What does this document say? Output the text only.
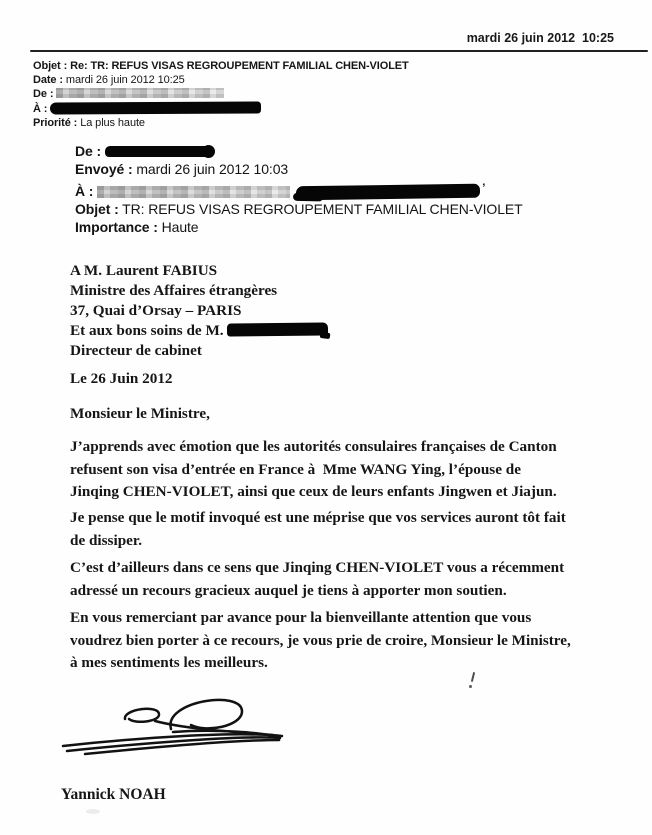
mardi 26 juin 2012  10:25
Objet : Re: TR: REFUS VISAS REGROUPEMENT FAMILIAL CHEN-VIOLET
Date : mardi 26 juin 2012 10:25
De :
À :
Priorité : La plus haute
De :
Envoyé : mardi 26 juin 2012 10:03
À :	’
Objet : TR: REFUS VISAS REGROUPEMENT FAMILIAL CHEN-VIOLET
Importance : Haute
A M. Laurent FABIUS
Ministre des Affaires étrangères
37, Quai d’Orsay – PARIS
Et aux bons soins de M.
Directeur de cabinet
Le 26 Juin 2012
Monsieur le Ministre,
J’apprends avec émotion que les autorités consulaires françaises de Canton
refusent son visa d’entrée en France à  Mme WANG Ying, l’épouse de
Jinqing CHEN-VIOLET, ainsi que ceux de leurs enfants Jingwen et Jiajun.
Je pense que le motif invoqué est une méprise que vos services auront tôt fait
de dissiper.
C’est d’ailleurs dans ce sens que Jinqing CHEN-VIOLET vous a récemment
adressé un recours gracieux auquel je tiens à apporter mon soutien.
En vous remerciant par avance pour la bienveillante attention que vous
voudrez bien porter à ce recours, je vous prie de croire, Monsieur le Ministre,
à mes sentiments les meilleurs.
Yannick NOAH
